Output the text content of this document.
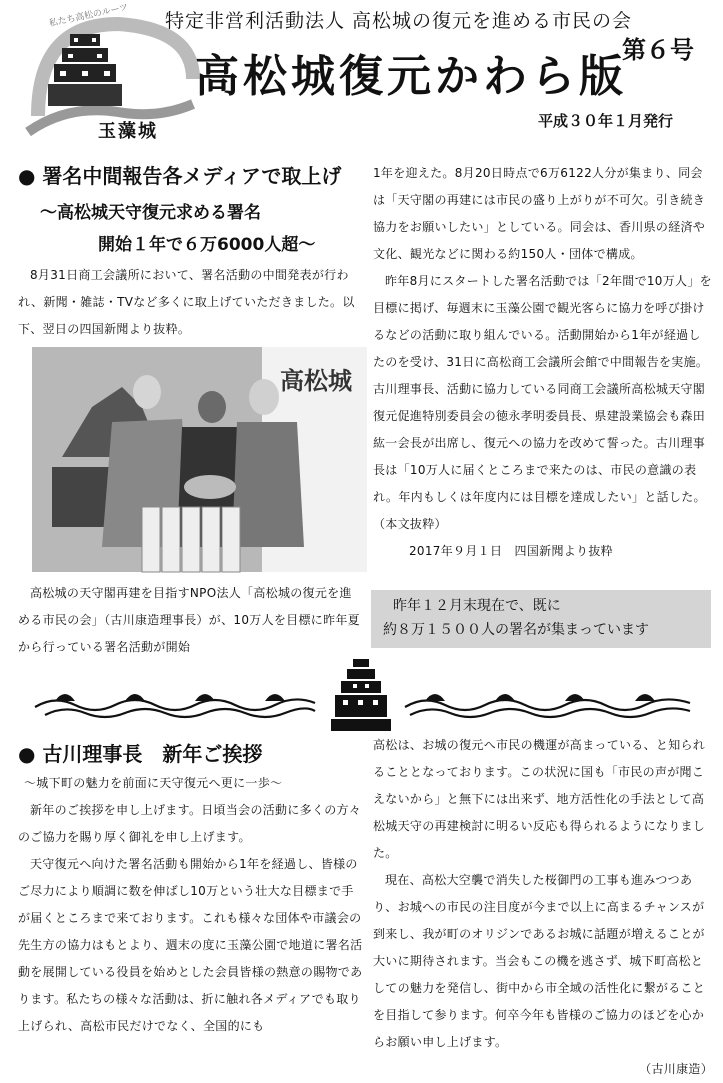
私たち高松のルーツ
玉藻城
特定非営利活動法人 高松城の復元を進める市民の会
高松城復元かわら版
第６号
平成３０年１月発行
● 署名中間報告各メディアで取上げ
〜高松城天守復元求める署名
開始１年で６万6000人超〜

8月31日商工会議所において、署名活動の中間発表が行われ、新聞・雑誌・TVなど多くに取上げていただきました。以下、翌日の四国新聞より抜粋。

高松城

高松城の天守閣再建を目指すNPO法人「高松城の復元を進める市民の会」（古川康造理事長）が、10万人を目標に昨年夏から行っている署名活動が開始

1年を迎えた。8月20日時点で6万6122人分が集まり、同会は「天守閣の再建には市民の盛り上がりが不可欠。引き続き協力をお願いしたい」としている。同会は、香川県の経済や文化、観光などに関わる約150人・団体で構成。

昨年8月にスタートした署名活動では「2年間で10万人」を目標に掲げ、毎週末に玉藻公園で観光客らに協力を呼び掛けるなどの活動に取り組んでいる。活動開始から1年が経過したのを受け、31日に高松商工会議所会館で中間報告を実施。古川理事長、活動に協力している同商工会議所高松城天守閣復元促進特別委員会の徳永孝明委員長、県建設業協会も森田紘一会長が出席し、復元への協力を改めて誓った。古川理事長は「10万人に届くところまで来たのは、市民の意識の表れ。年内もしくは年度内には目標を達成したい」と話した。（本文抜粋）

2017年９月１日　四国新聞より抜粋

昨年１２月末現在で、既に
約８万１５００人の署名が集まっています
● 古川理事長　新年ご挨拶

〜城下町の魅力を前面に天守復元へ更に一歩〜

新年のご挨拶を申し上げます。日頃当会の活動に多くの方々のご協力を賜り厚く御礼を申し上げます。

天守復元へ向けた署名活動も開始から1年を経過し、皆様のご尽力により順調に数を伸ばし10万という壮大な目標まで手が届くところまで来ております。これも様々な団体や市議会の先生方の協力はもとより、週末の度に玉藻公園で地道に署名活動を展開している役員を始めとした会員皆様の熱意の賜物であります。私たちの様々な活動は、折に触れ各メディアでも取り上げられ、高松市民だけでなく、全国的にも

高松は、お城の復元へ市民の機運が高まっている、と知られることとなっております。この状況に国も「市民の声が聞こえないから」と無下には出来ず、地方活性化の手法として高松城天守の再建検討に明るい反応も得られるようになりました。

現在、高松大空襲で消失した桜御門の工事も進みつつあり、お城への市民の注目度が今まで以上に高まるチャンスが到来し、我が町のオリジンであるお城に話題が増えることが大いに期待されます。当会もこの機を逃さず、城下町高松としての魅力を発信し、街中から市全域の活性化に繋がることを目指して参ります。何卒今年も皆様のご協力のほどを心からお願い申し上げます。

（古川康造）
